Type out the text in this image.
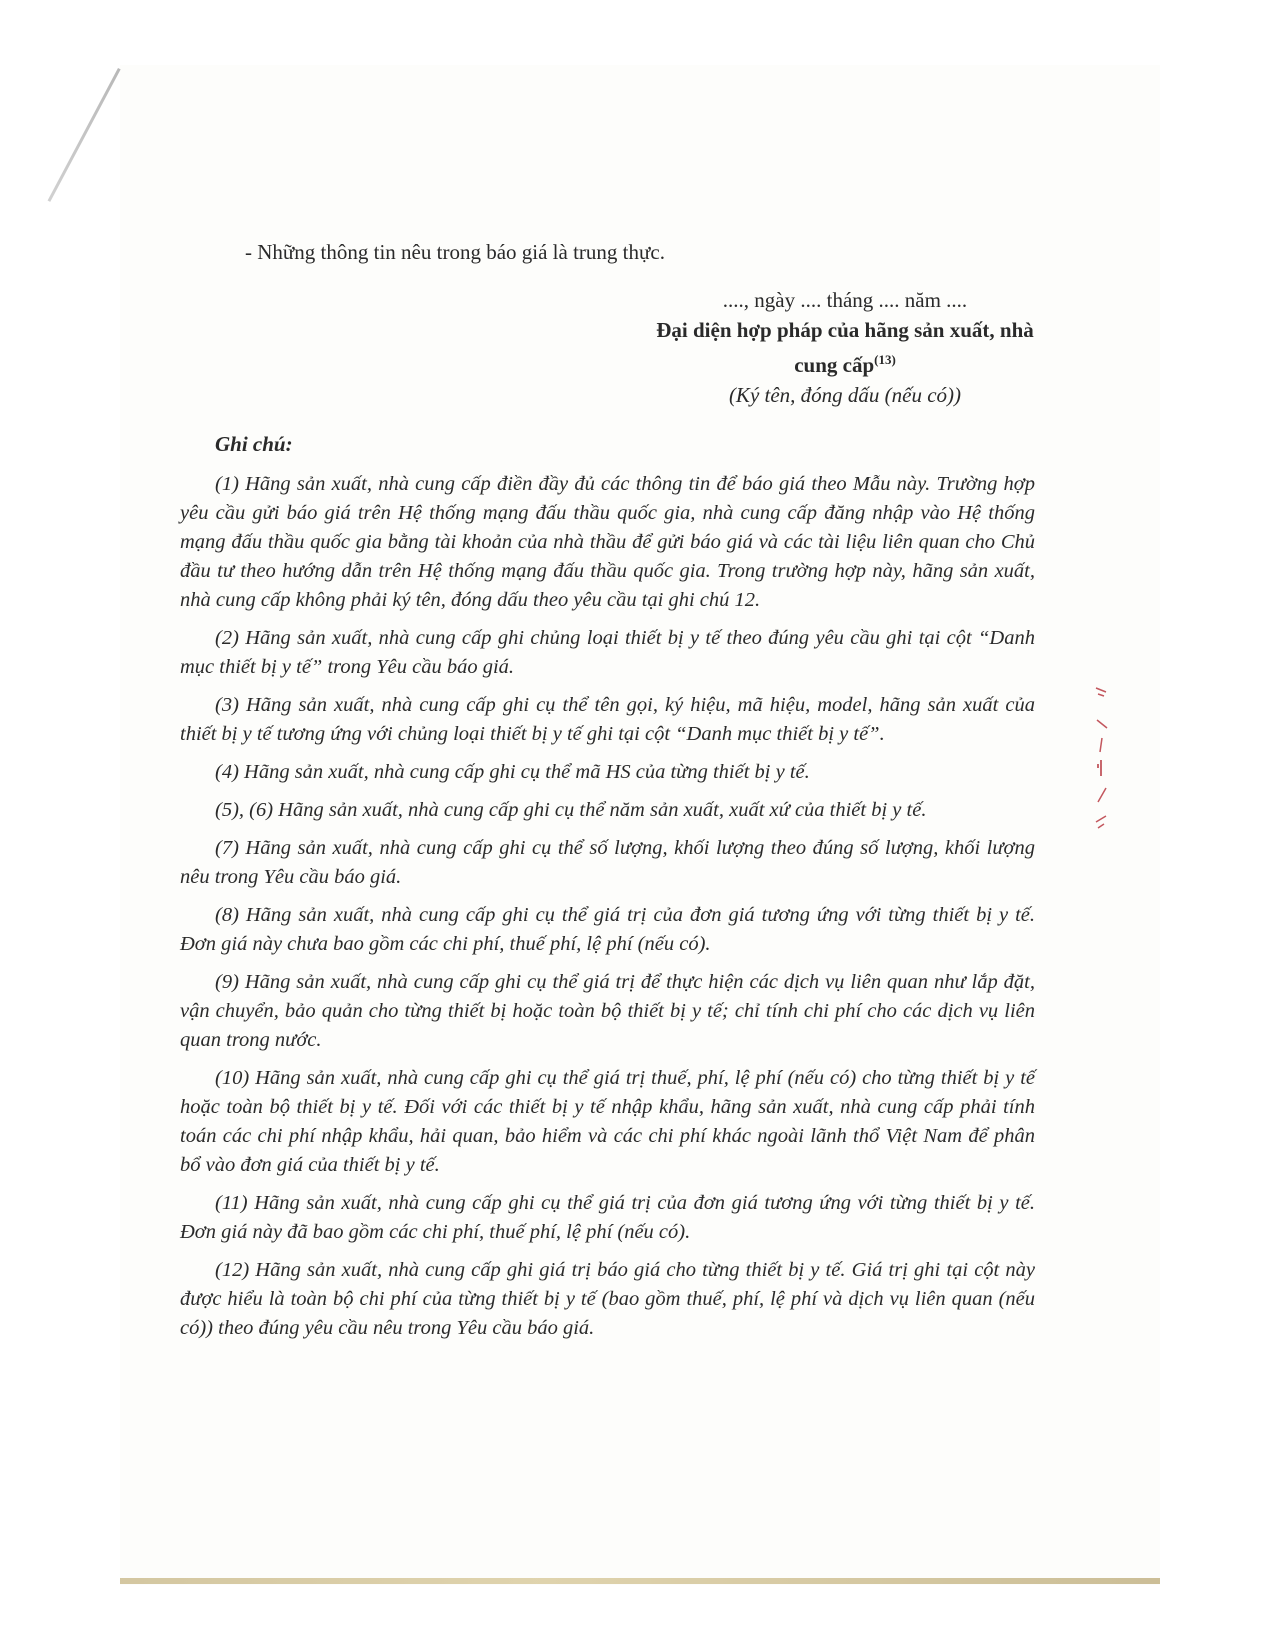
- Những thông tin nêu trong báo giá là trung thực.
...., ngày .... tháng .... năm ....
Đại diện hợp pháp của hãng sản xuất, nhà
cung cấp$^{(13)}$
(Ký tên, đóng dấu (nếu có))
Ghi chú:

(1) Hãng sản xuất, nhà cung cấp điền đầy đủ các thông tin để báo giá theo Mẫu này. Trường hợp yêu cầu gửi báo giá trên Hệ thống mạng đấu thầu quốc gia, nhà cung cấp đăng nhập vào Hệ thống mạng đấu thầu quốc gia bằng tài khoản của nhà thầu để gửi báo giá và các tài liệu liên quan cho Chủ đầu tư theo hướng dẫn trên Hệ thống mạng đấu thầu quốc gia. Trong trường hợp này, hãng sản xuất, nhà cung cấp không phải ký tên, đóng dấu theo yêu cầu tại ghi chú 12.

(2) Hãng sản xuất, nhà cung cấp ghi chủng loại thiết bị y tế theo đúng yêu cầu ghi tại cột “Danh mục thiết bị y tế” trong Yêu cầu báo giá.

(3) Hãng sản xuất, nhà cung cấp ghi cụ thể tên gọi, ký hiệu, mã hiệu, model, hãng sản xuất của thiết bị y tế tương ứng với chủng loại thiết bị y tế ghi tại cột “Danh mục thiết bị y tế”.

(4) Hãng sản xuất, nhà cung cấp ghi cụ thể mã HS của từng thiết bị y tế.

(5), (6) Hãng sản xuất, nhà cung cấp ghi cụ thể năm sản xuất, xuất xứ của thiết bị y tế.

(7) Hãng sản xuất, nhà cung cấp ghi cụ thể số lượng, khối lượng theo đúng số lượng, khối lượng nêu trong Yêu cầu báo giá.

(8) Hãng sản xuất, nhà cung cấp ghi cụ thể giá trị của đơn giá tương ứng với từng thiết bị y tế. Đơn giá này chưa bao gồm các chi phí, thuế phí, lệ phí (nếu có).

(9) Hãng sản xuất, nhà cung cấp ghi cụ thể giá trị để thực hiện các dịch vụ liên quan như lắp đặt, vận chuyển, bảo quản cho từng thiết bị hoặc toàn bộ thiết bị y tế; chỉ tính chi phí cho các dịch vụ liên quan trong nước.

(10) Hãng sản xuất, nhà cung cấp ghi cụ thể giá trị thuế, phí, lệ phí (nếu có) cho từng thiết bị y tế hoặc toàn bộ thiết bị y tế. Đối với các thiết bị y tế nhập khẩu, hãng sản xuất, nhà cung cấp phải tính toán các chi phí nhập khẩu, hải quan, bảo hiểm và các chi phí khác ngoài lãnh thổ Việt Nam để phân bổ vào đơn giá của thiết bị y tế.

(11) Hãng sản xuất, nhà cung cấp ghi cụ thể giá trị của đơn giá tương ứng với từng thiết bị y tế. Đơn giá này đã bao gồm các chi phí, thuế phí, lệ phí (nếu có).

(12) Hãng sản xuất, nhà cung cấp ghi giá trị báo giá cho từng thiết bị y tế. Giá trị ghi tại cột này được hiểu là toàn bộ chi phí của từng thiết bị y tế (bao gồm thuế, phí, lệ phí và dịch vụ liên quan (nếu có)) theo đúng yêu cầu nêu trong Yêu cầu báo giá.
